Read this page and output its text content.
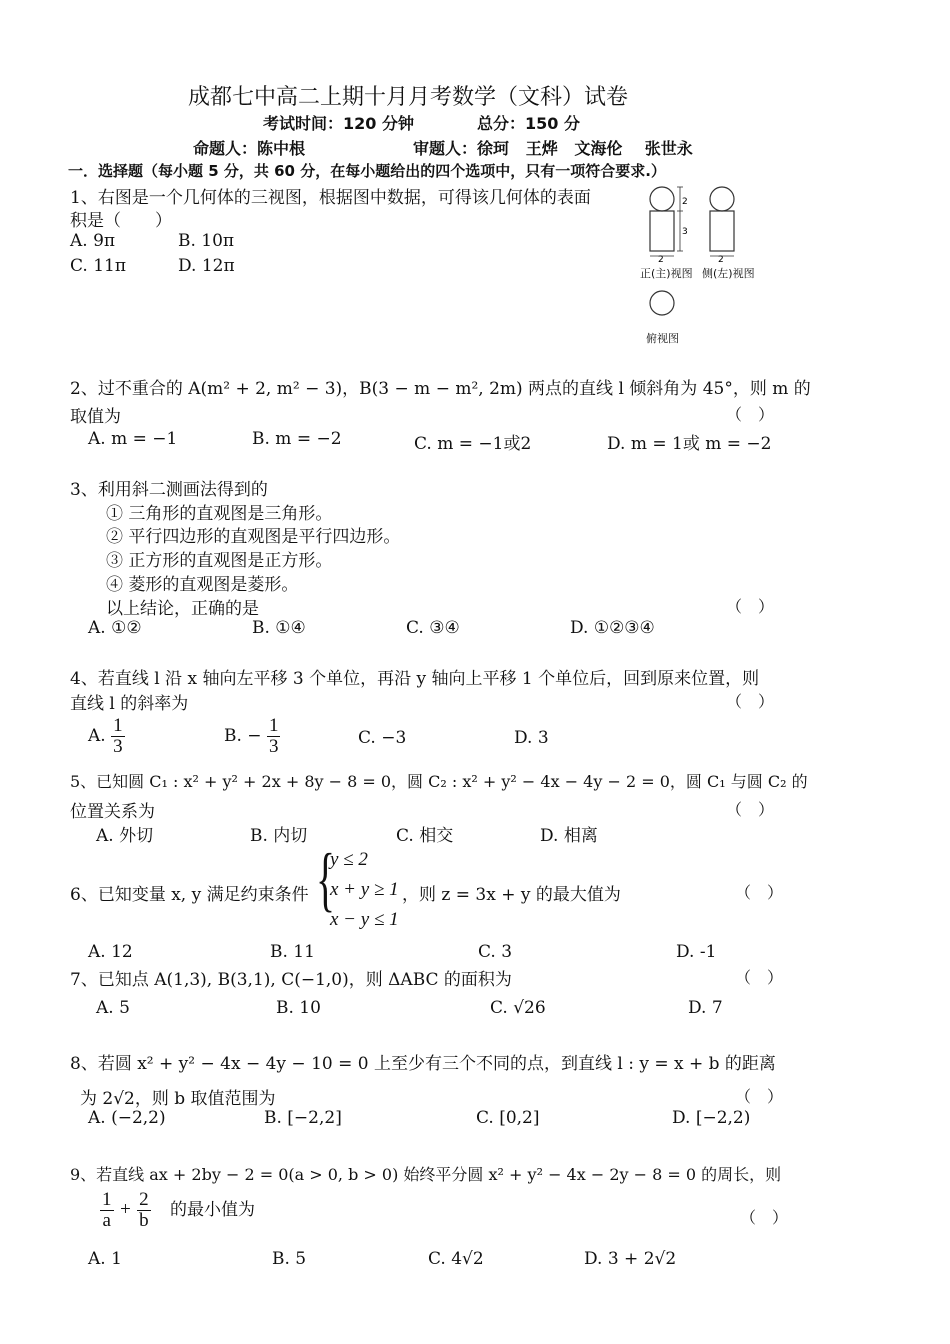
成都七中高二上期十月月考数学（文科）试卷
考试时间：120 分钟	总分：150 分
命题人：陈中根	审题人：徐珂   王烨   文海伦    张世永
一．选择题（每小题 5 分，共 60 分，在每小题给出的四个选项中，只有一项符合要求.）
1、右图是一个几何体的三视图，根据图中数据，可得该几何体的表面
积是（　　）
A. 9π	B. 10π
C. 11π	D. 12π
2
3
2	2
正(主)视图 侧(左)视图
俯视图
2、过不重合的 A(m² + 2, m² − 3)，B(3 − m − m², 2m) 两点的直线 l 倾斜角为 45°，则 m 的
取值为	（　）
A. m = −1	B. m = −2	C. m = −1或2	D. m = 1或 m = −2
3、利用斜二测画法得到的
① 三角形的直观图是三角形。
② 平行四边形的直观图是平行四边形。
③ 正方形的直观图是正方形。
④ 菱形的直观图是菱形。
以上结论，正确的是	（　）
A. ①②	B. ①④	C. ③④	D. ①②③④
4、若直线 l 沿 x 轴向左平移 3 个单位，再沿 y 轴向上平移 1 个单位后，回到原来位置，则
直线 l 的斜率为	（　）
A. $\frac{1}{3}$	B. − $\frac{1}{3}$	C. −3	D. 3
5、已知圆 C₁ : x² + y² + 2x + 8y − 8 = 0，圆 C₂ : x² + y² − 4x − 4y − 2 = 0，圆 C₁ 与圆 C₂ 的
位置关系为	（　）
A. 外切	B. 内切	C. 相交	D. 相离
6、已知变量 x, y 满足约束条件 {
y ≤ 2
x + y ≥ 1
x − y ≤ 1
，则 z = 3x + y 的最大值为	（　）
A. 12	B. 11	C. 3	D. -1
7、已知点 A(1,3), B(3,1), C(−1,0)，则 ΔABC 的面积为	（　）
A. 5	B. 10	C. √26	D. 7
8、若圆 x² + y² − 4x − 4y − 10 = 0 上至少有三个不同的点，到直线 l : y = x + b 的距离
为 2√2，则 b 取值范围为	（　）
A. (−2,2)	B. [−2,2]	C. [0,2]	D. [−2,2)
9、若直线 ax + 2by − 2 = 0(a > 0, b > 0) 始终平分圆 x² + y² − 4x − 2y − 8 = 0 的周长，则
$\frac{1}{a} + \frac{2}{b}$ 的最小值为	（　）
A. 1	B. 5	C. 4√2	D. 3 + 2√2
